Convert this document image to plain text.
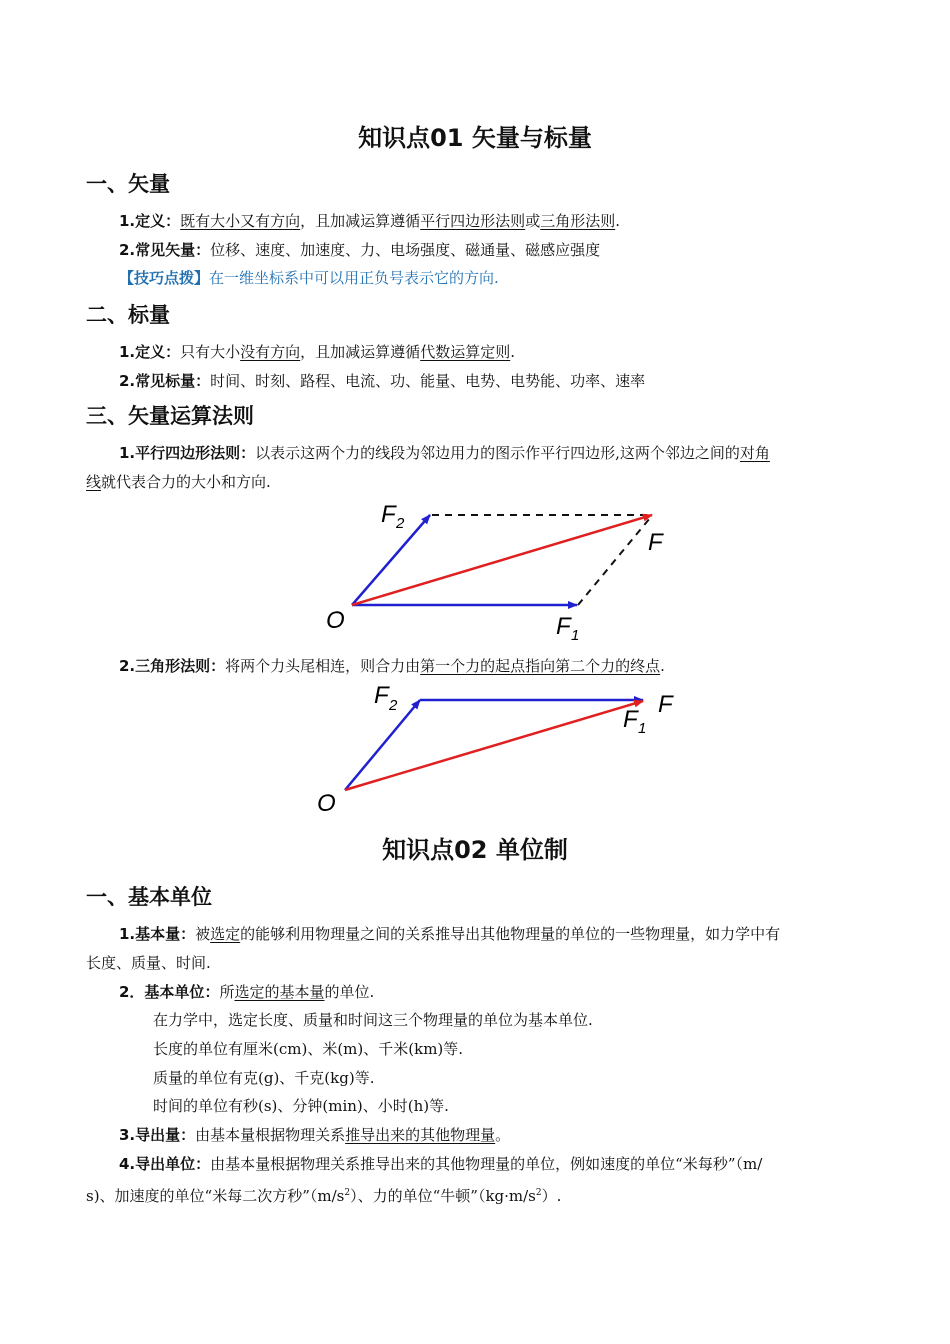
知识点01 矢量与标量
一、矢量
1.定义：既有大小又有方向，且加减运算遵循平行四边形法则或三角形法则.
2.常见矢量：位移、速度、加速度、力、电场强度、磁通量、磁感应强度
【技巧点拨】在一维坐标系中可以用正负号表示它的方向.
二、标量
1.定义：只有大小没有方向，且加减运算遵循代数运算定则.
2.常见标量：时间、时刻、路程、电流、功、能量、电势、电势能、功率、速率
三、矢量运算法则
1.平行四边形法则：以表示这两个力的线段为邻边用力的图示作平行四边形,这两个邻边之间的对角
线就代表合力的大小和方向.
F 2
F
O	F 1
2.三角形法则：将两个力头尾相连，则合力由第一个力的起点指向第二个力的终点.
F 2	F
F 1
O
知识点02 单位制
一、基本单位
1.基本量：被选定的能够利用物理量之间的关系推导出其他物理量的单位的一些物理量，如力学中有
长度、质量、时间.
2．基本单位：所选定的基本量的单位.
在力学中，选定长度、质量和时间这三个物理量的单位为基本单位.
长度的单位有厘米(cm)、米(m)、千米(km)等.
质量的单位有克(g)、千克(kg)等.
时间的单位有秒(s)、分钟(min)、小时(h)等.
3.导出量：由基本量根据物理关系推导出来的其他物理量。
4.导出单位：由基本量根据物理关系推导出来的其他物理量的单位，例如速度的单位“米每秒”（m/
s)、加速度的单位“米每二次方秒$”(m/s^2)$、力的单位“牛顿$”(kg\cdot m/s^2)$.
